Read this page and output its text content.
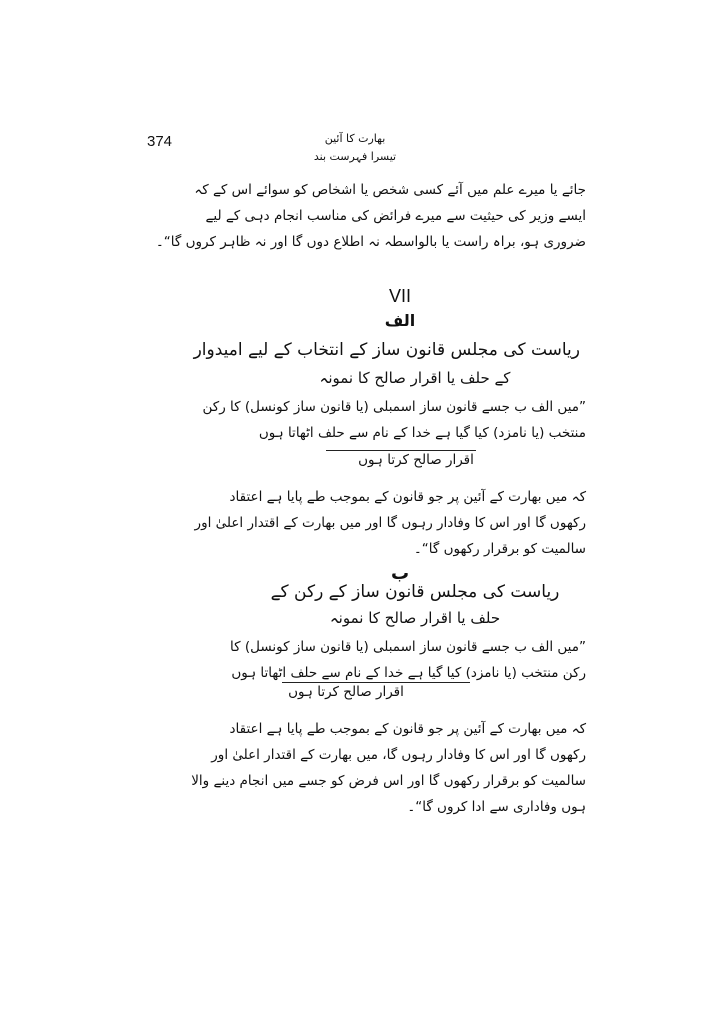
374	بھارت کا آئین
تیسرا فہرست بند
جائے یا میرے علم میں آئے کسی شخص یا اشخاص کو سوائے اس کے کہ
ایسے وزیر کی حیثیت سے میرے فرائض کی مناسب انجام دہی کے لیے
ضروری ہو، براہ راست یا بالواسطہ نہ اطلاع دوں گا اور نہ ظاہر کروں گا“۔
VII
الف
ریاست کی مجلس قانون ساز کے انتخاب کے لیے امیدوار
کے حلف یا اقرار صالح کا نمونہ
”میں الف ب جسے قانون ساز اسمبلی (یا قانون ساز کونسل) کا رکن
منتخب (یا نامزد) کیا گیا ہے خدا کے نام سے حلف اٹھاتا ہوں
اقرار صالح کرتا ہوں
کہ میں بھارت کے آئین پر جو قانون کے بموجب طے پایا ہے اعتقاد
رکھوں گا اور اس کا وفادار رہوں گا اور میں بھارت کے اقتدار اعلیٰ اور
سالمیت کو برقرار رکھوں گا“۔
ب
ریاست کی مجلس قانون ساز کے رکن کے
حلف یا اقرار صالح کا نمونہ
”میں الف ب جسے قانون ساز اسمبلی (یا قانون ساز کونسل) کا
رکن منتخب (یا نامزد) کیا گیا ہے خدا کے نام سے حلف اٹھاتا ہوں
اقرار صالح کرتا ہوں
کہ میں بھارت کے آئین پر جو قانون کے بموجب طے پایا ہے اعتقاد
رکھوں گا اور اس کا وفادار رہوں گا، میں بھارت کے اقتدار اعلیٰ اور
سالمیت کو برقرار رکھوں گا اور اس فرض کو جسے میں انجام دینے والا
ہوں وفاداری سے ادا کروں گا“۔
